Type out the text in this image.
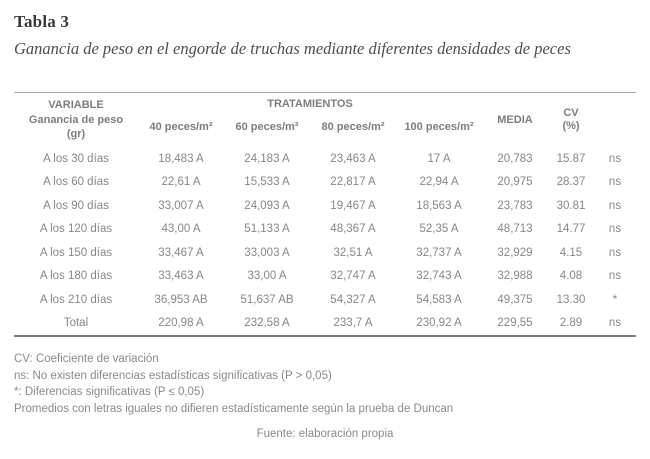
Tabla 3
Ganancia de peso en el engorde de truchas mediante diferentes densidades de peces
VARIABLE
Ganancia de peso
(gr)
TRATAMIENTOS
40 peces/m²	60 peces/m²	80 peces/m²	100 peces/m²
MEDIA
CV
(%)
A los 30 días	18,483 A	24,183 A	23,463 A	17 A	20,783	15.87	ns
A los 60 días	22,61 A	15,533 A	22,817 A	22,94 A	20,975	28.37	ns
A los 90 días	33,007 A	24,093 A	19,467 A	18,563 A	23,783	30.81	ns
A los 120 días	43,00 A	51,133 A	48,367 A	52,35 A	48,713	14.77	ns
A los 150 días	33,467 A	33,003 A	32,51 A	32,737 A	32,929	4.15	ns
A los 180 días	33,463 A	33,00 A	32,747 A	32,743 A	32,988	4.08	ns
A los 210 días	36,953 AB	51,637 AB	54,327 A	54,583 A	49,375	13.30	*
Total	220,98 A	232,58 A	233,7 A	230,92 A	229,55	2.89	ns
CV: Coeficiente de variación
ns: No existen diferencias estadísticas significativas (P > 0,05)
*: Diferencias significativas (P ≤ 0,05)
Promedios con letras iguales no difieren estadísticamente según la prueba de Duncan
Fuente: elaboración propia
